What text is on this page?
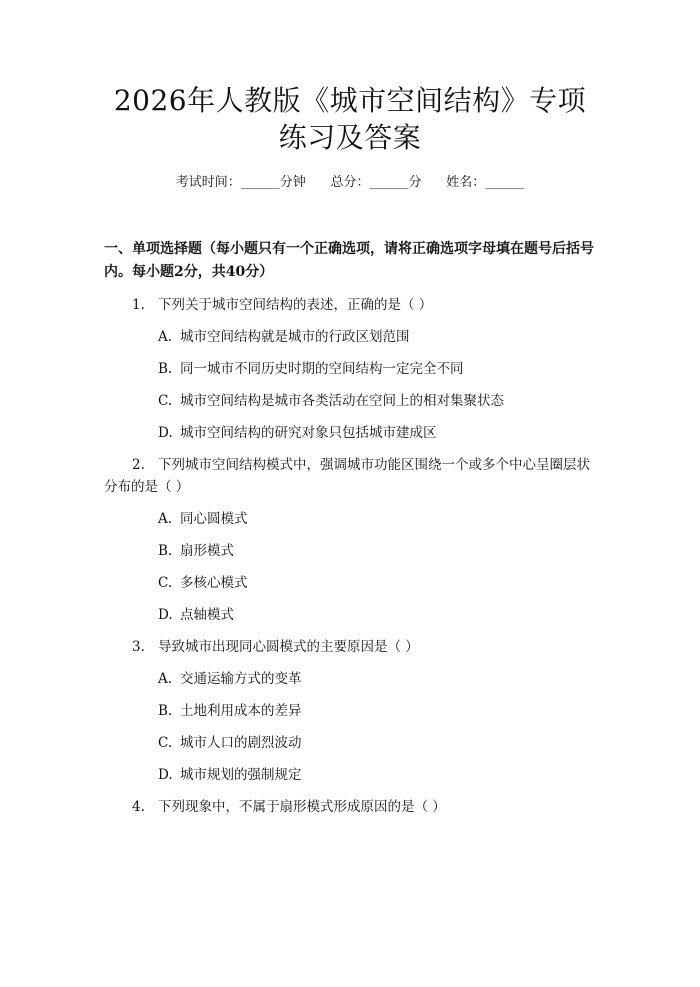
2026年人教版《城市空间结构》专项练习及答案
考试时间：______分钟      总分：______分      姓名：______
一、单项选择题（每小题只有一个正确选项，请将正确选项字母填在题号后括号内。每小题2分，共40分）
1. 下列关于城市空间结构的表述，正确的是（ ）
A. 城市空间结构就是城市的行政区划范围
B. 同一城市不同历史时期的空间结构一定完全不同
C. 城市空间结构是城市各类活动在空间上的相对集聚状态
D. 城市空间结构的研究对象只包括城市建成区
2. 下列城市空间结构模式中，强调城市功能区围绕一个或多个中心呈圈层状分布的是（ ）
A. 同心圆模式
B. 扇形模式
C. 多核心模式
D. 点轴模式
3. 导致城市出现同心圆模式的主要原因是（ ）
A. 交通运输方式的变革
B. 土地利用成本的差异
C. 城市人口的剧烈波动
D. 城市规划的强制规定
4. 下列现象中，不属于扇形模式形成原因的是（ ）
